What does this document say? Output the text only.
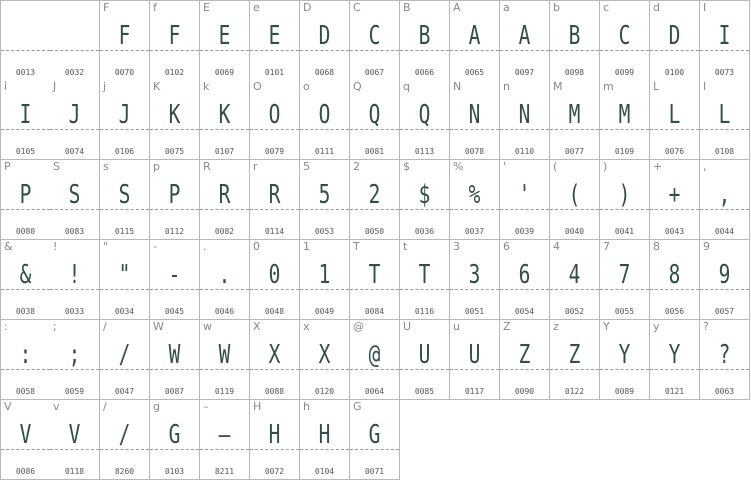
0013	0032
F
F
0070
f
F
0102
E
E
0069
e
E
0101
D
D
0068
C
C
0067
B
B
0066
A
A
0065
a
A
0097
b
B
0098
c
C
0099
d
D
0100
I
I
0073
i
I
0105
J
J
0074
j
J
0106
K
K
0075
k
K
0107
O
O
0079
o
O
0111
Q
Q
0081
q
Q
0113
N
N
0078
n
N
0110
M
M
0077
m
M
0109
L
L
0076
l
L
0108
P
P
0080
S
S
0083
s
S
0115
p
P
0112
R
R
0082
r
R
0114
5
5
0053
2
2
0050
$
$
0036
%
%
0037
'
'
0039
(
(
0040
)
)
0041
+
+
0043
,
,
0044
&
&
0038
!
!
0033
"
"
0034
-
-
0045
.
.
0046
0
0
0048
1
1
0049
T
T
0084
t
T
0116
3
3
0051
6
6
0054
4
4
0052
7
7
0055
8
8
0056
9
9
0057
:
:
0058
;
;
0059
/
/
0047
W
W
0087
w
W
0119
X
X
0088
x
X
0120
@
@
0064
U
U
0085
u
U
0117
Z
Z
0090
z
Z
0122
Y
Y
0089
y
Y
0121
?
?
0063
V
V
0086
v
V
0118
/
/
8260
g
G
0103
–
–
8211
H
H
0072
h
H
0104
G
G
0071
